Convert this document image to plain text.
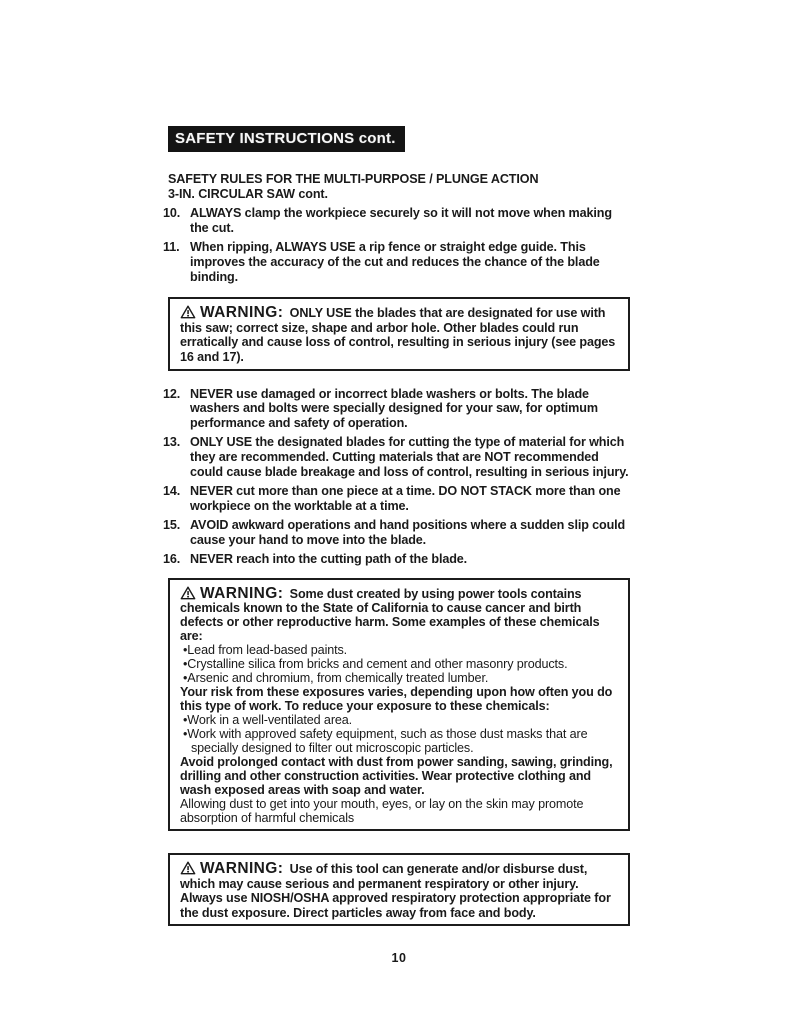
SAFETY INSTRUCTIONS cont.
SAFETY RULES FOR THE MULTI-PURPOSE / PLUNGE ACTION
3-IN. CIRCULAR SAW cont.
10. ALWAYS clamp the workpiece securely so it will not move when making the cut.
11. When ripping, ALWAYS USE a rip fence or straight edge guide. This improves the accuracy of the cut and reduces the chance of the blade binding.

WARNING: ONLY USE the blades that are designated for use with this saw; correct size, shape and arbor hole. Other blades could run erratically and cause loss of control, resulting in serious injury (see pages 16 and 17).

12. NEVER use damaged or incorrect blade washers or bolts. The blade washers and bolts were specially designed for your saw, for optimum performance and safety of operation.
13. ONLY USE the designated blades for cutting the type of material for which they are recommended. Cutting materials that are NOT recommended could cause blade breakage and loss of control, resulting in serious injury.
14. NEVER cut more than one piece at a time. DO NOT STACK more than one workpiece on the worktable at a time.
15. AVOID awkward operations and hand positions where a sudden slip could cause your hand to move into the blade.
16. NEVER reach into the cutting path of the blade.

WARNING: Some dust created by using power tools contains chemicals known to the State of California to cause cancer and birth defects or other reproductive harm. Some examples of these chemicals are:

• Lead from lead-based paints.

• Crystalline silica from bricks and cement and other masonry products.

• Arsenic and chromium, from chemically treated lumber.

Your risk from these exposures varies, depending upon how often you do this type of work. To reduce your exposure to these chemicals:

• Work in a well-ventilated area.

• Work with approved safety equipment, such as those dust masks that are specially designed to filter out microscopic particles.

Avoid prolonged contact with dust from power sanding, sawing, grinding, drilling and other construction activities. Wear protective clothing and wash exposed areas with soap and water.

Allowing dust to get into your mouth, eyes, or lay on the skin may promote absorption of harmful chemicals

WARNING: Use of this tool can generate and/or disburse dust, which may cause serious and permanent respiratory or other injury. Always use NIOSH/OSHA approved respiratory protection appropriate for the dust exposure. Direct particles away from face and body.

10
